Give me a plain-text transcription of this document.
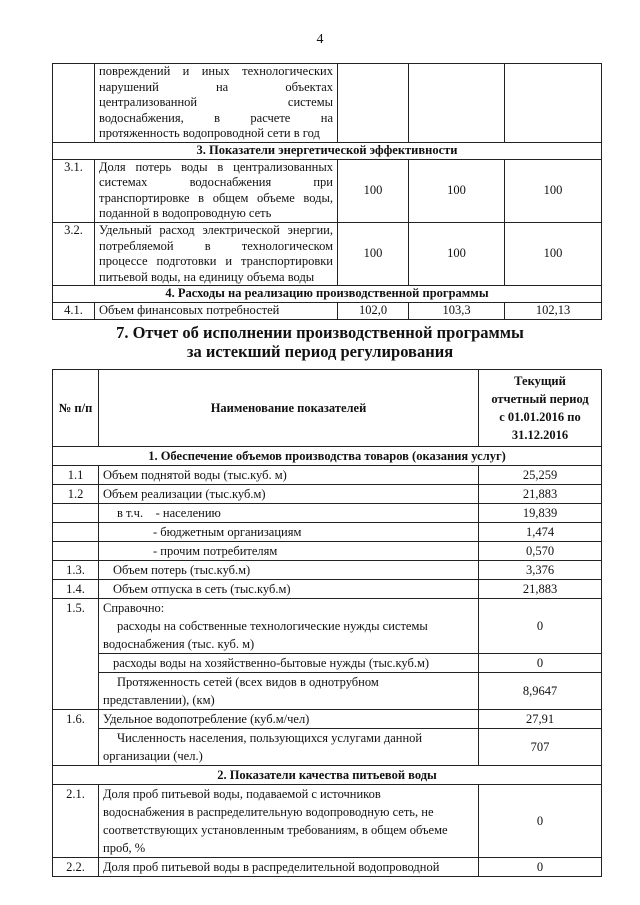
4

	повреждений и иных технологических
нарушений на объектах
централизованной системы
водоснабжения, в расчете на
протяженность водопроводной сети в год			

3. Показатели энергетической эффективности				
3.1.	Доля потерь воды в централизованных
системах водоснабжения при
транспортировке в общем объеме воды,
поданной в водопроводную сеть	100	100	100
3.2.	Удельный расход электрической энергии,
потребляемой в технологическом
процессе подготовки и транспортировки
питьевой воды, на единицу объема воды	100	100	100
4. Расходы на реализацию производственной программы				
4.1.	Объем финансовых потребностей	102,0	103,3	102,13
7. Отчет об исполнении производственной программы
за истекший период регулирования
№ п/п	Наименование показателей	Текущий
отчетный период
с 01.01.2016 по
31.12.2016

1. Обеспечение объемов производства товаров (оказания услуг)		
1.1	Объем поднятой воды (тыс.куб. м)	25,259
1.2	Объем реализации (тыс.куб.м)	21,883
	в т.ч.    - населению	19,839
	- бюджетным организациям	1,474
	- прочим потребителям	0,570
1.3.	Объем потерь (тыс.куб.м)	3,376
1.4.	Объем отпуска в сеть (тыс.куб.м)	21,883
1.5.	Справочно:
расходы на собственные технологические нужды системы
водоснабжения (тыс. куб. м)	0
	расходы воды на хозяйственно-бытовые нужды (тыс.куб.м)	0

	Протяженность сетей (всех видов в однотрубном
представлении), (км)	8,9647
1.6.	Удельное водопотребление (куб.м/чел)	27,91

	Численность населения, пользующихся услугами данной
организации (чел.)	707
2. Показатели качества питьевой воды		
2.1.	Доля проб питьевой воды, подаваемой с источников
водоснабжения в распределительную водопроводную сеть, не
соответствующих установленным требованиям, в общем объеме
проб, %	0
2.2.	Доля проб питьевой воды в распределительной водопроводной	0
